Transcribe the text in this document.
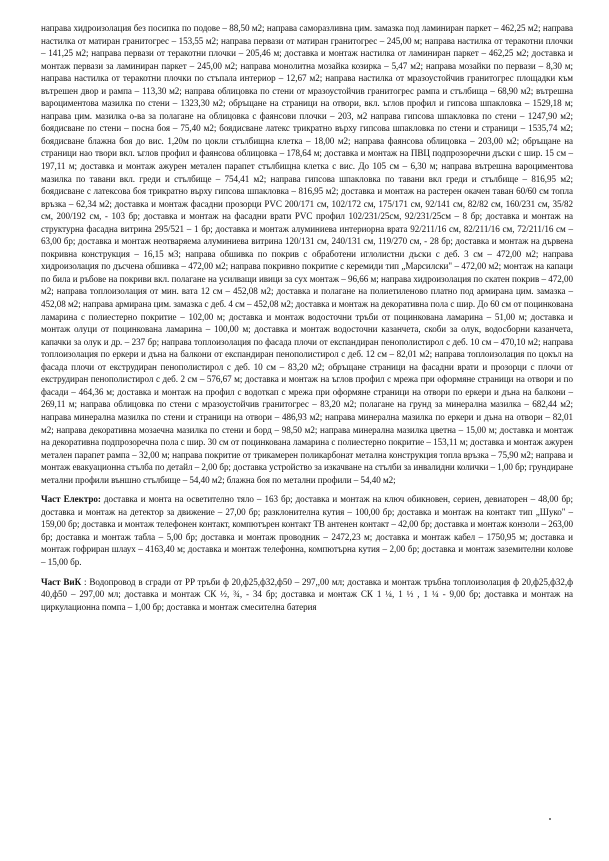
направа хидроизолация без посипка по подове – 88,50 м2; направа саморазливна цим. замазка под ламиниран паркет – 462,25 м2; направа настилка от матиран гранитогрес – 153,55 м2; направа первази от матиран гранитогрес – 245,00 м; направа настилка от теракотни плочки – 141,25 м2; направа первази от теракотни плочки – 205,46 м; доставка и монтаж настилка от ламиниран паркет – 462,25 м2; доставка и монтаж первази за ламиниран паркет – 245,00 м2; направа монолитна мозайка козирка – 5,47 м2; направа мозайки по первази – 8,30 м; направа настилка от теракотни плочки по стъпала интериор – 12,67 м2; направа настилка от мразоустойчив гранитогрес площадки към вътрешен двор и рампа – 113,30 м2; направа облицовка по стени от мразоустойчив гранитогрес рампа и стълбища – 68,90 м2; вътрешна вароциментова мазилка по стени – 1323,30 м2; обръщане на страници на отвори, вкл. ъглов профил и гипсова шпакловка – 1529,18 м; направа цим. мазилка о-ва за полагане на облицовка с фаянсови плочки – 203, м2 направа гипсова шпакловка по стени – 1247,90 м2; боядисване по стени – посна боя – 75,40 м2; боядисване латекс трикратно върху гипсова шпакловка по стени и страници – 1535,74 м2; боядисване блажна боя до вис. 1,20м по цокли стълбищна клетка – 18,00 м2; направа фаянсова облицовка – 203,00 м2; обръщане на страници нао твори вкл. ъглов профил и фаянсова облицовка – 178,64 м; доставка и монтаж на ПВЦ подпрозоречни дъски с шир. 15 см – 197,11 м; доставка и монтаж ажурен метален парапет стълбищна клетка с вис. До 105 см – 6,30 м; направа вътрешна вароциментова мазилка по тавани вкл. греди и стълбище – 754,41 м2; направа гипсова шпакловка по тавани вкл греди и стълбище – 816,95 м2; боядисване с латексова боя трикратно върху гипсова шпакловка – 816,95 м2; доставка и монтаж на растерен окачен таван 60/60 см топла връзка – 62,34 м2; доставка и монтаж фасадни прозорци PVC 200/171 см, 102/172 см, 175/171 см, 92/141 см, 82/82 см, 160/231 см, 35/82 см, 200/192 см, - 103 бр; доставка и монтаж на фасадни врати PVC профил 102/231/25см, 92/231/25см – 8 бр; доставка и монтаж на структурна фасадна витрина 295/521 – 1 бр; доставка и монтаж алуминиева интериорна врата 92/211/16 см, 82/211/16 см, 72/211/16 см – 63,00 бр; доставка и монтаж неотваряема алуминиева витрина 120/131 см, 240/131 см, 119/270 см, - 28 бр; доставка и монтаж на дървена покривна конструкция – 16,15 м3; направа обшивка по покрив с обработени иглолистни дъски с деб. 3 см – 472,00 м2; направа хидроизолация по дъсчена обшивка – 472,00 м2; направа покривно покритие с керемиди тип „Марсилски" – 472,00 м2; монтаж на капаци по била и ръбове на покриви вкл. полагане на усилващи ивици за сух монтаж – 96,66 м; направа хидроизолация по скатен покрив – 472,00 м2; направа топлоизолация от мин. вата 12 см – 452,08 м2; доставка и полагане на полиетиленово платно под армирана цим. замазка – 452,08 м2; направа армирана цим. замазка с деб. 4 см – 452,08 м2; доставка и монтаж на декоративна пола с шир. До 60 см от поцинкована ламарина с полиестерно покритие – 102,00 м; доставка и монтаж водосточни тръби от поцинкована ламарина – 51,00 м; доставка и монтаж олуци от поцинкована ламарина – 100,00 м; доставка и монтаж водосточни казанчета, скоби за олук, водосборни казанчета, капачки за олук и др. – 237 бр; направа топлоизолация по фасада плочи от експандиран пенополистирол с деб. 10 см – 470,10 м2; направа топлоизолация по еркери и дъна на балкони от експандиран пенополистирол с деб. 12 см – 82,01 м2; направа топлоизолация по цокъл на фасада плочи от екструдиран пенополистирол с деб. 10 см – 83,20 м2; обръщане страници на фасадни врати и прозорци с плочи от екструдиран пенополистирол с деб. 2 см – 576,67 м; доставка и монтаж на ъглов профил с мрежа при оформяне страници на отвори и по фасади – 464,36 м; доставка и монтаж на профил с водоткап с мрежа при оформяне страници на отвори по еркери и дъна на балкони – 269,11 м; направа облицовка по стени с мразоустойчив гранитогрес – 83,20 м2; полагане на грунд за минерална мазилка – 682,44 м2; направа минерална мазилка по стени и страници на отвори – 486,93 м2; направа минерална мазилка по еркери и дъна на отвори – 82,01 м2; направа декоративна мозаечна мазилка по стени и борд – 98,50 м2; направа минерална мазилка цветна – 15,00 м; доставка и монтаж на декоративна подпрозоречна пола с шир. 30 см от поцинкована ламарина с полиестерно покритие – 153,11 м; доставка и монтаж ажурен метален парапет рампа – 32,00 м; направа покритие от трикамерен поликарбонат метална конструкция топла връзка – 75,90 м2; направа и монтаж евакуационна стълба по детайл – 2,00 бр; доставка устройство за изкачване на стълби за инвалидни колички – 1,00 бр; грундиране метални профили външно стълбище – 54,40 м2; блажна боя по метални профили – 54,40 м2;

Част Електро: доставка и монта на осветително тяло – 163 бр; доставка и монтаж на ключ обикновен, сериен, девиаторен – 48,00 бр; доставка и монтаж на детектор за движение – 27,00 бр; разклонителна кутия – 100,00 бр; доставка и монтаж на контакт тип „Шуко" – 159,00 бр; доставка и монтаж телефонен контакт, компютърен контакт ТВ антенен контакт – 42,00 бр; доставка и монтаж конзоли – 263,00 бр; доставка и монтаж табла – 5,00 бр; доставка и монтаж проводник – 2472,23 м; доставка и монтаж кабел – 1750,95 м; доставка и монтаж гофриран шлаух – 4163,40 м; доставка и монтаж телефонна, компютърна кутия – 2,00 бр; доставка и монтаж заземителни колове – 15,00 бр.

Част ВиК : Водопровод в сгради от PP тръби ф 20,ф25,ф32,ф50 – 297,,00 мл; доставка и монтаж тръбна топлоизолация ф 20,ф25,ф32,ф 40,ф50 – 297,00 мл; доставка и монтаж СК ½, ¾, - 34 бр; доставка и монтаж СК 1 ¼, 1 ½ , 1 ¼ - 9,00 бр; доставка и монтаж на циркулационна помпа – 1,00 бр; доставка и монтаж смесителна батерия
